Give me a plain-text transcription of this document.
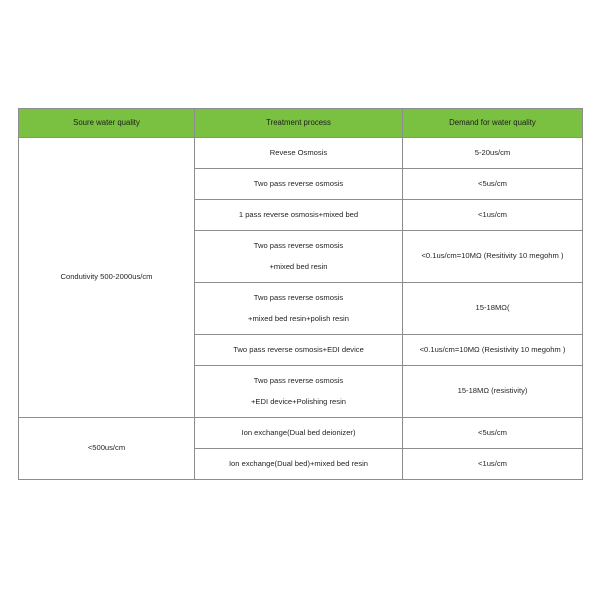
Soure water quality	Treatment process	Demand for water quality
Condutivity 500-2000us/cm	Revese Osmosis	5-20us/cm

	Two pass reverse osmosis	<5us/cm

	1 pass reverse osmosis+mixed bed	<1us/cm

	Two pass reverse osmosis
+mixed bed resin	<0.1us/cm=10MΩ (Resitivity 10 megohm )

	Two pass reverse osmosis
+mixed bed resin+polish resin	15-18MΩ(

	Two pass reverse osmosis+EDI device	<0.1us/cm=10MΩ (Resistivity 10 megohm )

	Two pass reverse osmosis
+EDI device+Polishing resin	15-18MΩ (resistivity)

<500us/cm	Ion exchange(Dual bed deionizer)	<5us/cm

	Ion exchange(Dual bed)+mixed bed resin	<1us/cm
